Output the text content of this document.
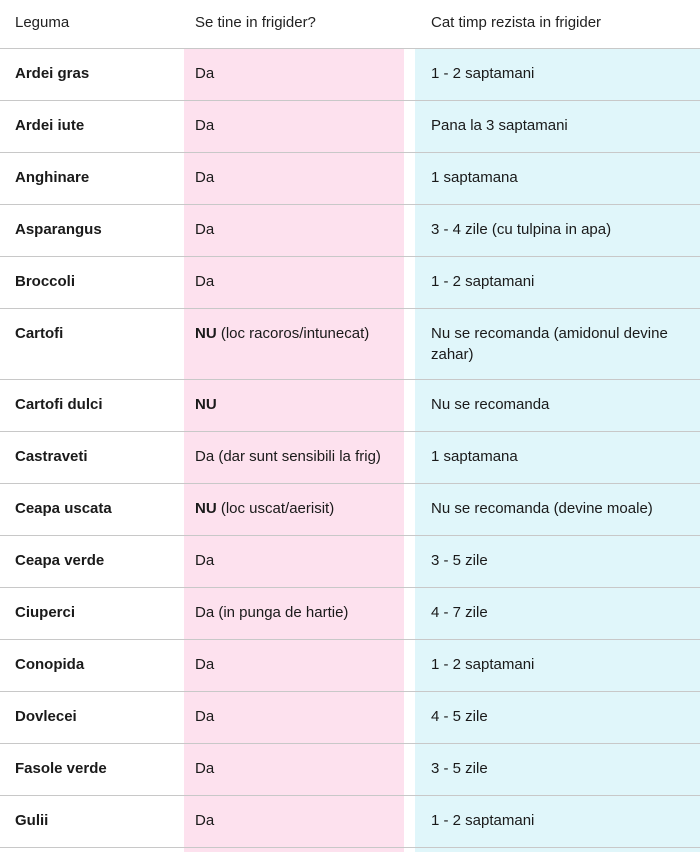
Leguma	Se tine in frigider?	Cat timp rezista in frigider
Ardei gras	Da	1 - 2 saptamani
Ardei iute	Da	Pana la 3 saptamani
Anghinare	Da	1 saptamana
Asparangus	Da	3 - 4 zile (cu tulpina in apa)
Broccoli	Da	1 - 2 saptamani
Cartofi	NU (loc racoros/intunecat)	Nu se recomanda (amidonul devine zahar)
Cartofi dulci	NU	Nu se recomanda
Castraveti	Da (dar sunt sensibili la frig)	1 saptamana
Ceapa uscata	NU (loc uscat/aerisit)	Nu se recomanda (devine moale)
Ceapa verde	Da	3 - 5 zile
Ciuperci	Da (in punga de hartie)	4 - 7 zile
Conopida	Da	1 - 2 saptamani
Dovlecei	Da	4 - 5 zile
Fasole verde	Da	3 - 5 zile
Gulii	Da	1 - 2 saptamani
